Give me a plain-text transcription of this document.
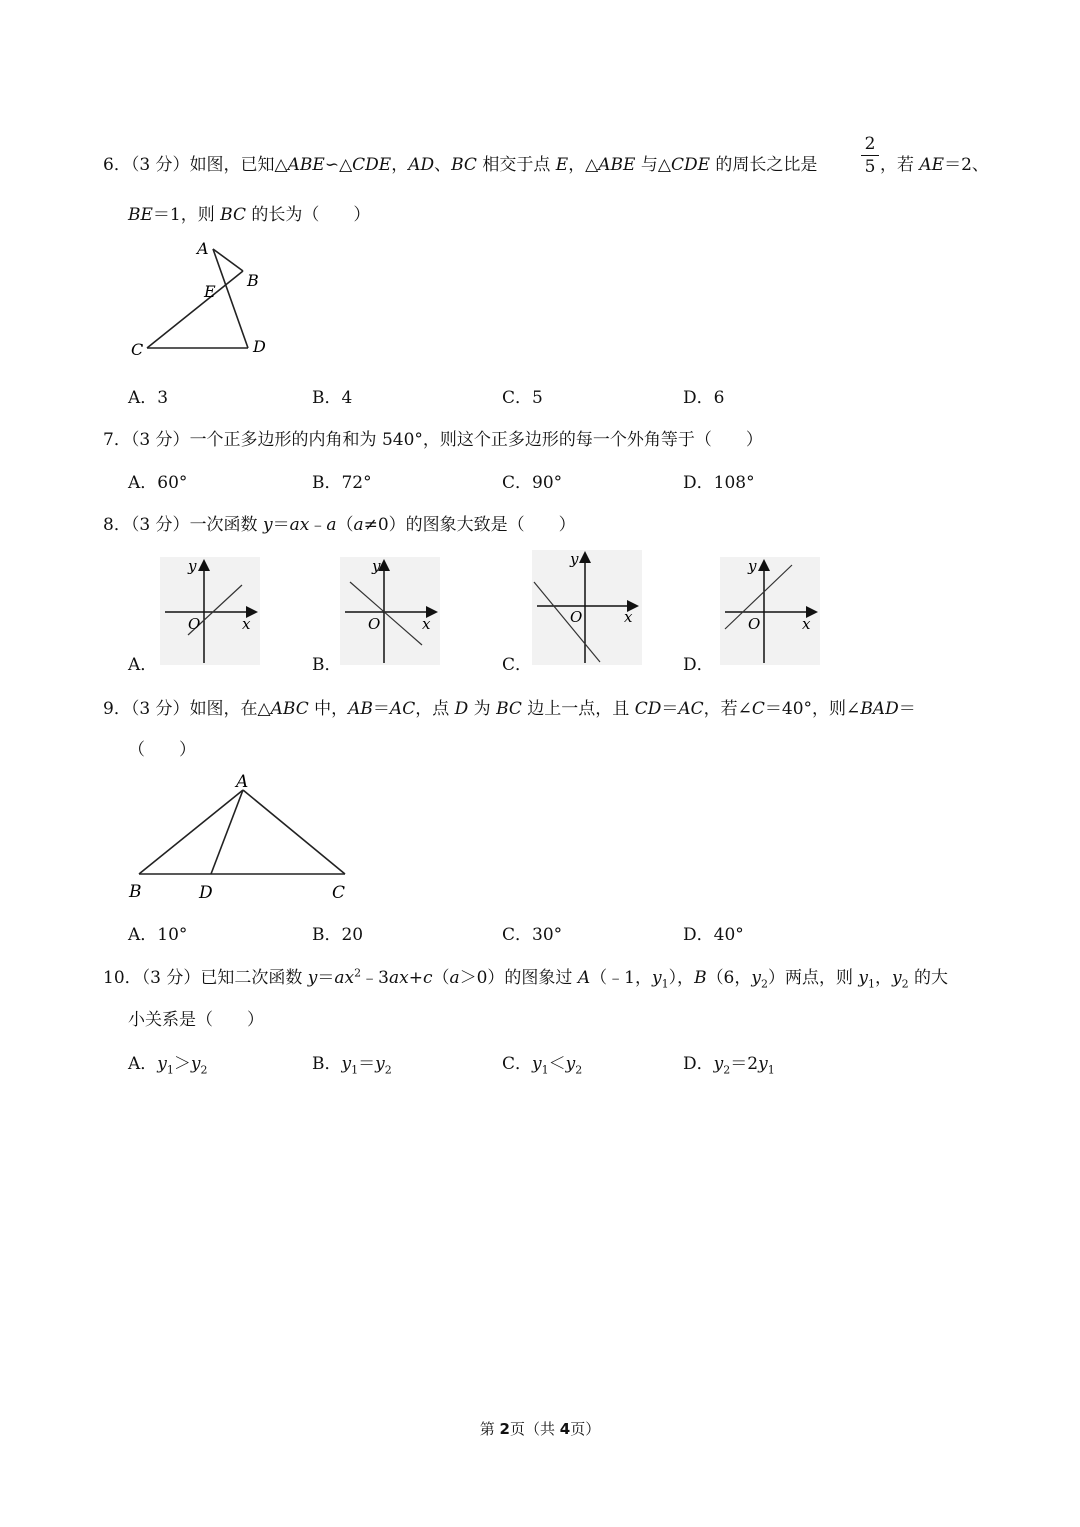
6．（3 分）如图，已知△ABE∽△CDE，AD、BC 相交于点 E，△ABE 与△CDE 的周长之比是
2
5 ，若 AE＝2、
BE＝1，则 BC 的长为（　　）
A
B
E
C	D
A．3	B．4	C．5	D．6
7．（3 分）一个正多边形的内角和为 540°，则这个正多边形的每一个外角等于（　　）
A．60°	B．72°	C．90°	D．108°
8．（3 分）一次函数 y＝ax﹣a（a≠0）的图象大致是（　　）
y
x
O
y
x
O
y
x
O
y
x
O
A．	B．	C．	D．
9．（3 分）如图，在△ABC 中，AB＝AC，点 D 为 BC 边上一点，且 CD＝AC，若∠C＝40°，则∠BAD＝
（　　）
A
B	D	C
A．10°	B．20	C．30°	D．40°
10．（3 分）已知二次函数 $y=ax^2﹣3ax+c(a>0)$的图象过 A（﹣1，$y_1$），B（6，$y_2$）两点，则 $y_1$，$y_2$ 的大
小关系是（　　）
A．$y_1>y_2$	B．$y_1=y_2$	C．$y_1<y_2$	D．$y_2=2y_1$
第 2页（共 4页）
